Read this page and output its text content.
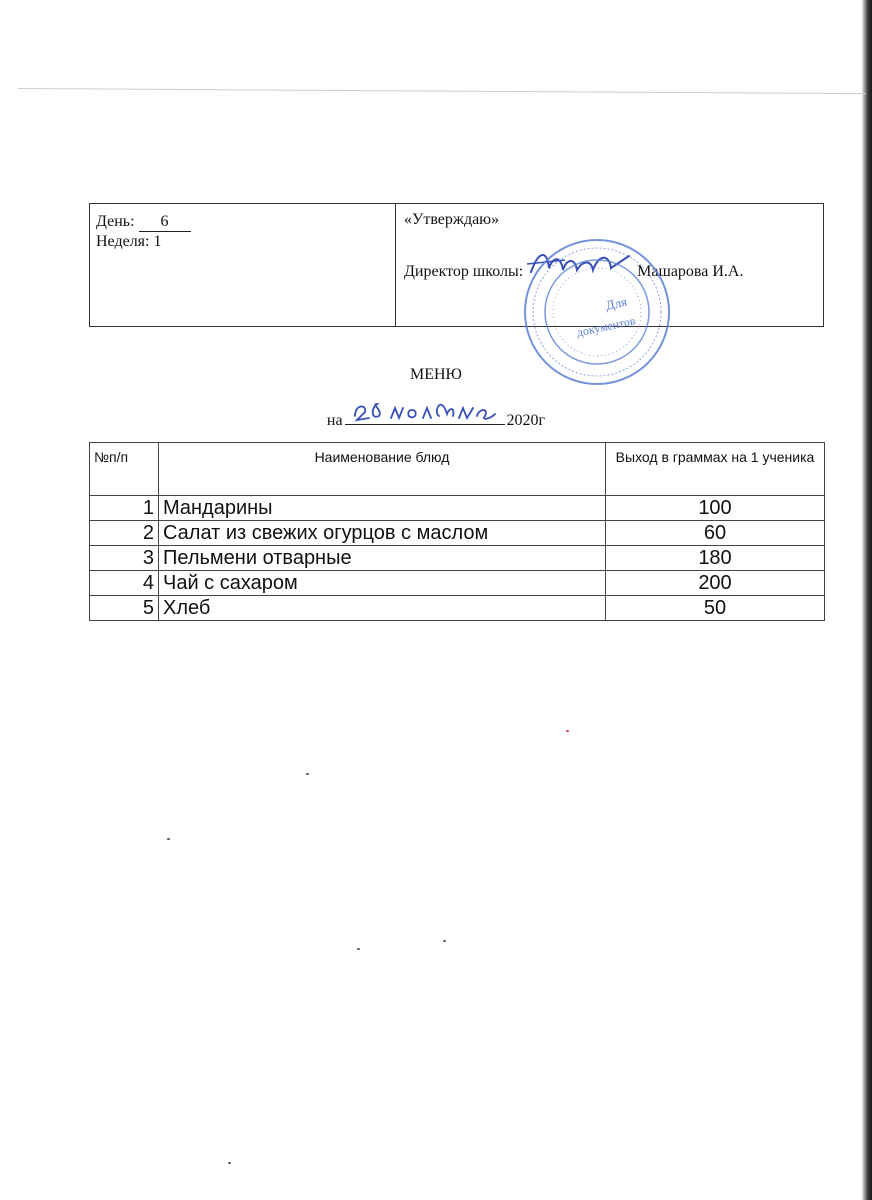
День: 6
Неделя: 1
Для
документов
«Утверждаю»
Директор школы:	Машарова И.А.
МЕНЮ
на	2020г
№п/п	Наименование блюд	Выход в граммах на 1 ученика
1	Мандарины	100
2	Салат из свежих огурцов с маслом	60
3	Пельмени отварные	180
4	Чай с сахаром	200
5	Хлеб	50
